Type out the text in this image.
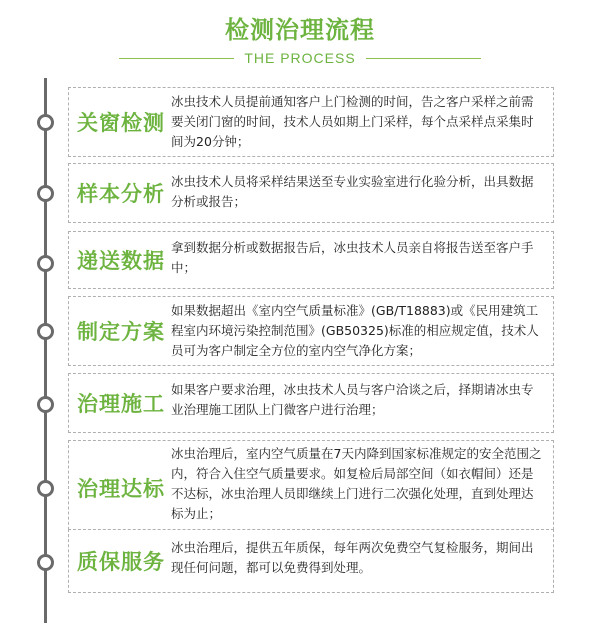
检测治理流程
THE PROCESS
关窗检测
冰虫技术人员提前通知客户上门检测的时间，告之客户采样之前需要关闭门窗的时间，技术人员如期上门采样，每个点采样点采集时间为20分钟；
样本分析
冰虫技术人员将采样结果送至专业实验室进行化验分析，出具数据分析或报告；
递送数据
拿到数据分析或数据报告后，冰虫技术人员亲自将报告送至客户手中；
制定方案
如果数据超出《室内空气质量标准》(GB/T18883)或《民用建筑工程室内环境污染控制范围》(GB50325)标准的相应规定值，技术人员可为客户制定全方位的室内空气净化方案；
治理施工
如果客户要求治理，冰虫技术人员与客户洽谈之后，择期请冰虫专业治理施工团队上门微客户进行治理；
治理达标
冰虫治理后，室内空气质量在7天内降到国家标准规定的安全范围之内，符合入住空气质量要求。如复检后局部空间（如衣帽间）还是不达标，冰虫治理人员即继续上门进行二次强化处理，直到处理达标为止；
质保服务
冰虫治理后，提供五年质保，每年两次免费空气复检服务，期间出现任何问题，都可以免费得到处理。
